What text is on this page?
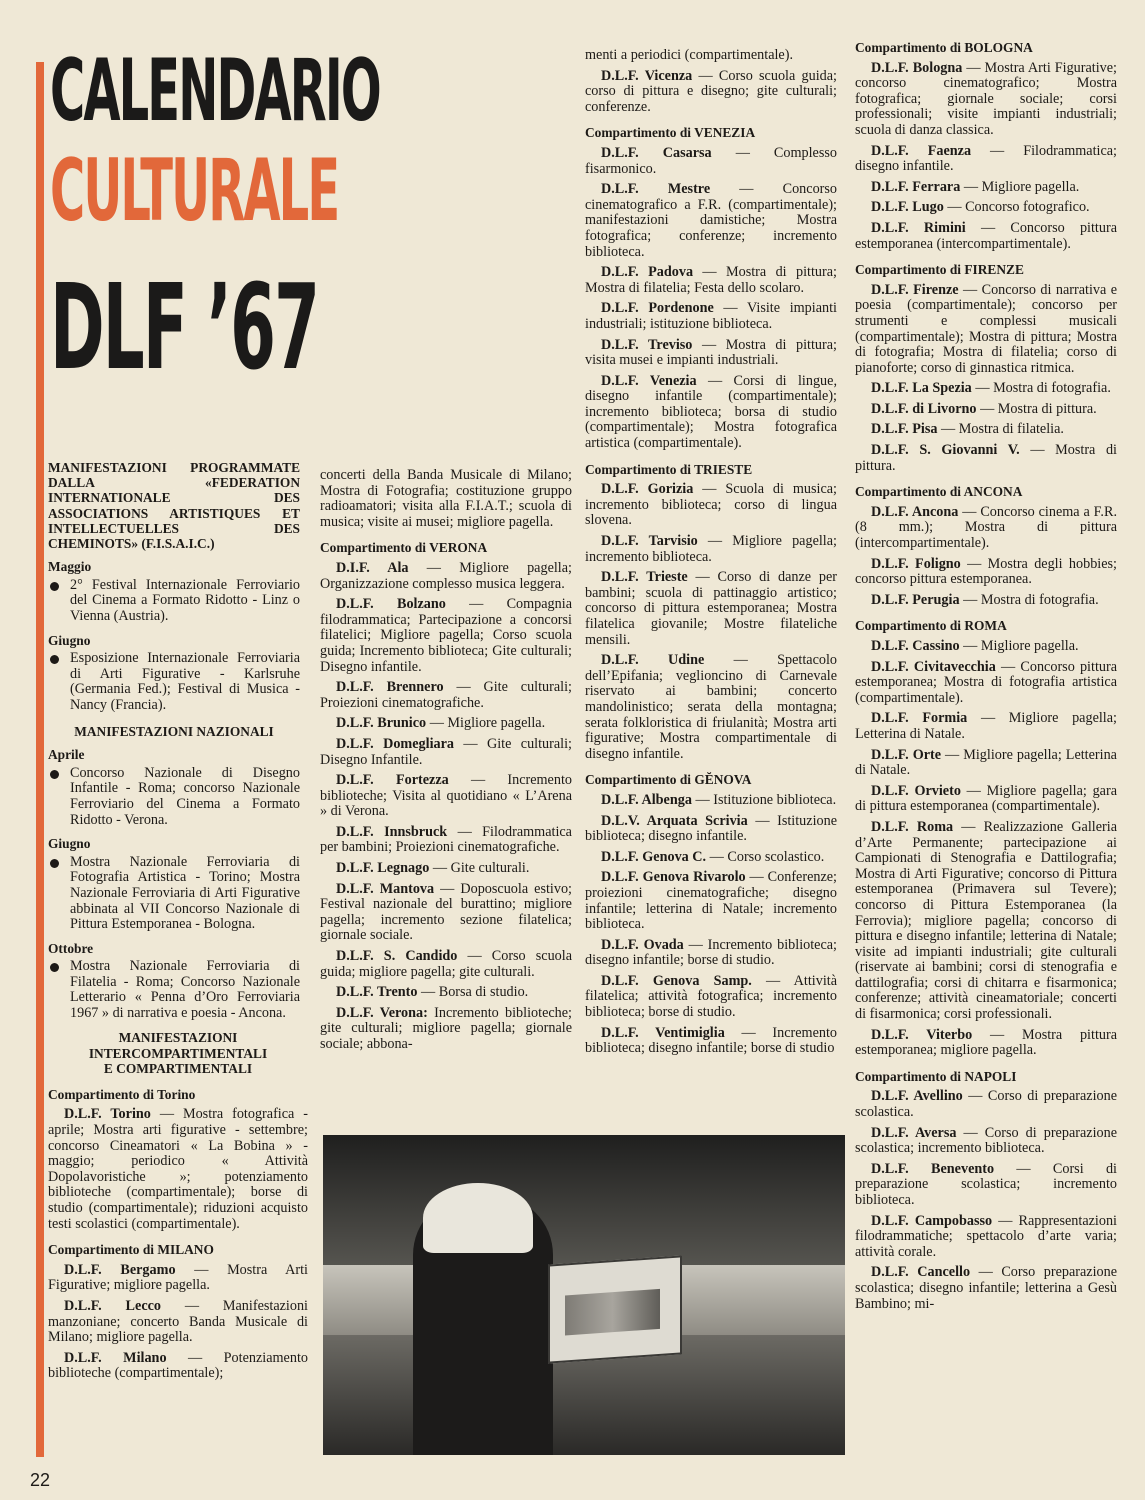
CALENDARIO
CULTURALE
DLF ’67

MANIFESTAZIONI PROGRAMMATE DALLA «FEDERATION INTERNATIONALE DES ASSOCIATIONS ARTISTIQUES ET INTELLECTUELLES DES CHEMINOTS» (F.I.S.A.I.C.)

Maggio

2° Festival Internazionale Ferroviario del Cinema a Formato Ridotto - Linz o Vienna (Austria).

Giugno

Esposizione Internazionale Ferroviaria di Arti Figurative - Karlsruhe (Germania Fed.); Festival di Musica - Nancy (Francia).

MANIFESTAZIONI NAZIONALI
Aprile

Concorso Nazionale di Disegno Infantile - Roma; concorso Nazionale Ferroviario del Cinema a Formato Ridotto - Verona.

Giugno

Mostra Nazionale Ferroviaria di Fotografia Artistica - Torino; Mostra Nazionale Ferroviaria di Arti Figurative abbinata al VII Concorso Nazionale di Pittura Estemporanea - Bologna.

Ottobre

Mostra Nazionale Ferroviaria di Filatelia - Roma; Concorso Nazionale Letterario « Penna d’Oro Ferroviaria 1967 » di narrativa e poesia - Ancona.

MANIFESTAZIONI
INTERCOMPARTIMENTALI
E COMPARTIMENTALI
Compartimento di Torino

D.L.F. Torino — Mostra fotografica - aprile; Mostra arti figurative - settembre; concorso Cineamatori « La Bobina » - maggio; periodico « Attività Dopolavoristiche »; potenziamento biblioteche (compartimentale); borse di studio (compartimentale); riduzioni acquisto testi scolastici (compartimentale).

Compartimento di MILANO

D.L.F. Bergamo — Mostra Arti Figurative; migliore pagella.

D.L.F. Lecco — Manifestazioni manzoniane; concerto Banda Musicale di Milano; migliore pagella.

D.L.F. Milano — Potenziamento biblioteche (compartimentale);

concerti della Banda Musicale di Milano; Mostra di Fotografia; costituzione gruppo radioamatori; visita alla F.I.A.T.; scuola di musica; visite ai musei; migliore pagella.

Compartimento di VERONA

D.I.F. Ala — Migliore pagella; Organizzazione complesso musica leggera.

D.L.F. Bolzano — Compagnia filodrammatica; Partecipazione a concorsi filatelici; Migliore pagella; Corso scuola guida; Incremento biblioteca; Gite culturali; Disegno infantile.

D.L.F. Brennero — Gite culturali; Proiezioni cinematografiche.

D.L.F. Brunico — Migliore pagella.

D.L.F. Domegliara — Gite culturali; Disegno Infantile.

D.L.F. Fortezza — Incremento biblioteche; Visita al quotidiano « L’Arena » di Verona.

D.L.F. Innsbruck — Filodrammatica per bambini; Proiezioni cinematografiche.

D.L.F. Legnago — Gite culturali.

D.L.F. Mantova — Doposcuola estivo; Festival nazionale del burattino; migliore pagella; incremento sezione filatelica; giornale sociale.

D.L.F. S. Candido — Corso scuola guida; migliore pagella; gite culturali.

D.L.F. Trento — Borsa di studio.

D.L.F. Verona: Incremento biblioteche; gite culturali; migliore pagella; giornale sociale; abbona-

menti a periodici (compartimentale).

D.L.F. Vicenza — Corso scuola guida; corso di pittura e disegno; gite culturali; conferenze.

Compartimento di VENEZIA

D.L.F. Casarsa — Complesso fisarmonico.

D.L.F. Mestre — Concorso cinematografico a F.R. (compartimentale); manifestazioni damistiche; Mostra fotografica; conferenze; incremento biblioteca.

D.L.F. Padova — Mostra di pittura; Mostra di filatelia; Festa dello scolaro.

D.L.F. Pordenone — Visite impianti industriali; istituzione biblioteca.

D.L.F. Treviso — Mostra di pittura; visita musei e impianti industriali.

D.L.F. Venezia — Corsi di lingue, disegno infantile (compartimentale); incremento biblioteca; borsa di studio (compartimentale); Mostra fotografica artistica (compartimentale).

Compartimento di TRIESTE

D.L.F. Gorizia — Scuola di musica; incremento biblioteca; corso di lingua slovena.

D.L.F. Tarvisio — Migliore pagella; incremento biblioteca.

D.L.F. Trieste — Corso di danze per bambini; scuola di pattinaggio artistico; concorso di pittura estemporanea; Mostra filatelica giovanile; Mostre filateliche mensili.

D.L.F. Udine — Spettacolo dell’Epifania; veglioncino di Carnevale riservato ai bambini; concerto mandolinistico; serata della montagna; serata folkloristica di friulanità; Mostra arti figurative; Mostra compartimentale di disegno infantile.

Compartimento di GĔNOVA

D.L.F. Albenga — Istituzione biblioteca.

D.L.V. Arquata Scrivia — Istituzione biblioteca; disegno infantile.

D.L.F. Genova C. — Corso scolastico.

D.L.F. Genova Rivarolo — Conferenze; proiezioni cinematografiche; disegno infantile; letterina di Natale; incremento biblioteca.

D.L.F. Ovada — Incremento biblioteca; disegno infantile; borse di studio.

D.L.F. Genova Samp. — Attività filatelica; attività fotografica; incremento biblioteca; borse di studio.

D.L.F. Ventimiglia — Incremento biblioteca; disegno infantile; borse di studio

Compartimento di BOLOGNA

D.L.F. Bologna — Mostra Arti Figurative; concorso cinematografico; Mostra fotografica; giornale sociale; corsi professionali; visite impianti industriali; scuola di danza classica.

D.L.F. Faenza — Filodrammatica; disegno infantile.

D.L.F. Ferrara — Migliore pagella.

D.L.F. Lugo — Concorso fotografico.

D.L.F. Rimini — Concorso pittura estemporanea (intercompartimentale).

Compartimento di FIRENZE

D.L.F. Firenze — Concorso di narrativa e poesia (compartimentale); concorso per strumenti e complessi musicali (compartimentale); Mostra di pittura; Mostra di fotografia; Mostra di filatelia; corso di pianoforte; corso di ginnastica ritmica.

D.L.F. La Spezia — Mostra di fotografia.

D.L.F. di Livorno — Mostra di pittura.

D.L.F. Pisa — Mostra di filatelia.

D.L.F. S. Giovanni V. — Mostra di pittura.

Compartimento di ANCONA

D.L.F. Ancona — Concorso cinema a F.R. (8 mm.); Mostra di pittura (intercompartimentale).

D.L.F. Foligno — Mostra degli hobbies; concorso pittura estemporanea.

D.L.F. Perugia — Mostra di fotografia.

Compartimento di ROMA

D.L.F. Cassino — Migliore pagella.

D.L.F. Civitavecchia — Concorso pittura estemporanea; Mostra di fotografia artistica (compartimentale).

D.L.F. Formia — Migliore pagella; Letterina di Natale.

D.L.F. Orte — Migliore pagella; Letterina di Natale.

D.L.F. Orvieto — Migliore pagella; gara di pittura estemporanea (compartimentale).

D.L.F. Roma — Realizzazione Galleria d’Arte Permanente; partecipazione ai Campionati di Stenografia e Dattilografia; Mostra di Arti Figurative; concorso di Pittura estemporanea (Primavera sul Tevere); concorso di Pittura Estemporanea (la Ferrovia); migliore pagella; concorso di pittura e disegno infantile; letterina di Natale; visite ad impianti industriali; gite culturali (riservate ai bambini; corsi di stenografia e dattilografia; corsi di chitarra e fisarmonica; conferenze; attività cineamatoriale; concerti di fisarmonica; corsi professionali.

D.L.F. Viterbo — Mostra pittura estemporanea; migliore pagella.

Compartimento di NAPOLI

D.L.F. Avellino — Corso di preparazione scolastica.

D.L.F. Aversa — Corso di preparazione scolastica; incremento biblioteca.

D.L.F. Benevento — Corsi di preparazione scolastica; incremento biblioteca.

D.L.F. Campobasso — Rappresentazioni filodrammatiche; spettacolo d’arte varia; attività corale.

D.L.F. Cancello — Corso preparazione scolastica; disegno infantile; letterina a Gesù Bambino; mi-

22
